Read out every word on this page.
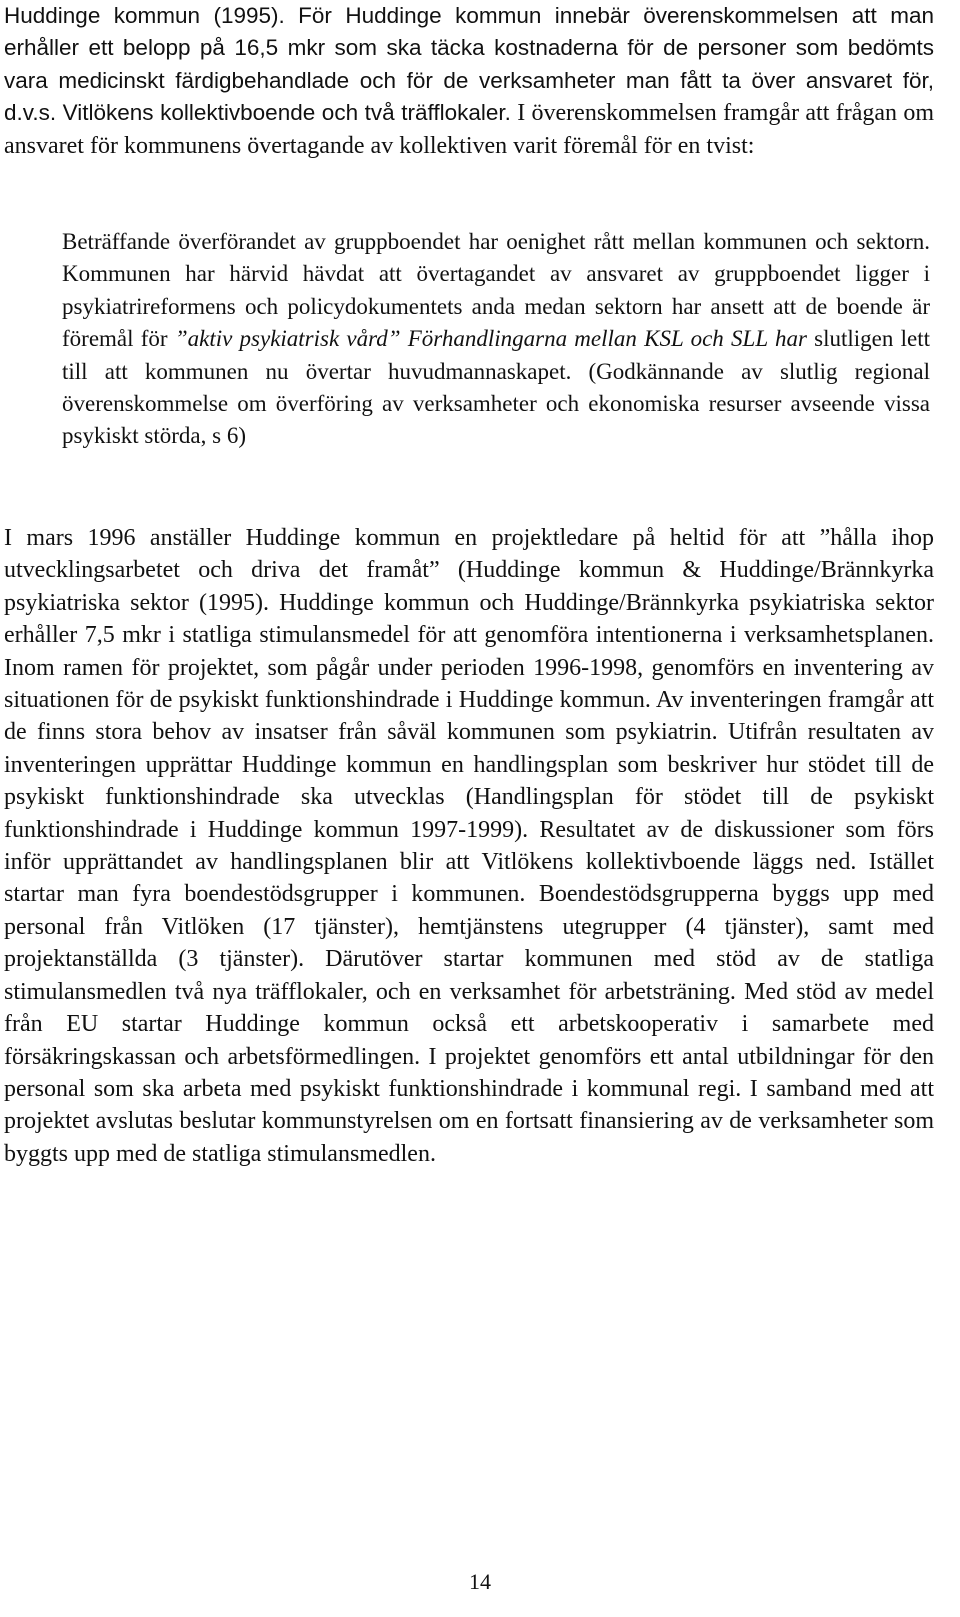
Huddinge kommun (1995). För Huddinge kommun innebär överenskommelsen att man erhåller ett belopp på 16,5 mkr som ska täcka kostnaderna för de personer som bedömts vara medicinskt färdigbehandlade och för de verksamheter man fått ta över ansvaret för, d.v.s. Vitlökens kollektivboende och två träfflokaler. I överenskommelsen framgår att frågan om ansvaret för kommunens övertagande av kollektiven varit föremål för en tvist:

Beträffande överförandet av gruppboendet har oenighet rått mellan kommunen och sektorn. Kommunen har härvid hävdat att övertagandet av ansvaret av gruppboendet ligger i psykiatrireformens och policydokumentets anda medan sektorn har ansett att de boende är föremål för ”aktiv psykiatrisk vård” Förhandlingarna mellan KSL och SLL har slutligen lett till att kommunen nu övertar huvudmannaskapet. (Godkännande av slutlig regional överenskommelse om överföring av verksamheter och ekonomiska resurser avseende vissa psykiskt störda, s 6)

I mars 1996 anställer Huddinge kommun en projektledare på heltid för att ”hålla ihop utvecklingsarbetet och driva det framåt” (Huddinge kommun & Huddinge/Brännkyrka psykiatriska sektor (1995). Huddinge kommun och Huddinge/Brännkyrka psykiatriska sektor erhåller 7,5 mkr i statliga stimulansmedel för att genomföra intentionerna i verksamhetsplanen. Inom ramen för projektet, som pågår under perioden 1996-1998, genomförs en inventering av situationen för de psykiskt funktionshindrade i Huddinge kommun. Av inventeringen framgår att de finns stora behov av insatser från såväl kommunen som psykiatrin. Utifrån resultaten av inventeringen upprättar Huddinge kommun en handlingsplan som beskriver hur stödet till de psykiskt funktionshindrade ska utvecklas (Handlingsplan för stödet till de psykiskt funktionshindrade i Huddinge kommun 1997-1999). Resultatet av de diskussioner som förs inför upprättandet av handlingsplanen blir att Vitlökens kollektivboende läggs ned. Istället startar man fyra boendestödsgrupper i kommunen. Boendestödsgrupperna byggs upp med personal från Vitlöken (17 tjänster), hemtjänstens utegrupper (4 tjänster), samt med projektanställda (3 tjänster). Därutöver startar kommunen med stöd av de statliga stimulansmedlen två nya träfflokaler, och en verksamhet för arbetsträning. Med stöd av medel från EU startar Huddinge kommun också ett arbetskooperativ i samarbete med försäkringskassan och arbetsförmedlingen. I projektet genomförs ett antal utbildningar för den personal som ska arbeta med psykiskt funktionshindrade i kommunal regi. I samband med att projektet avslutas beslutar kommunstyrelsen om en fortsatt finansiering av de verksamheter som byggts upp med de statliga stimulansmedlen.

14
